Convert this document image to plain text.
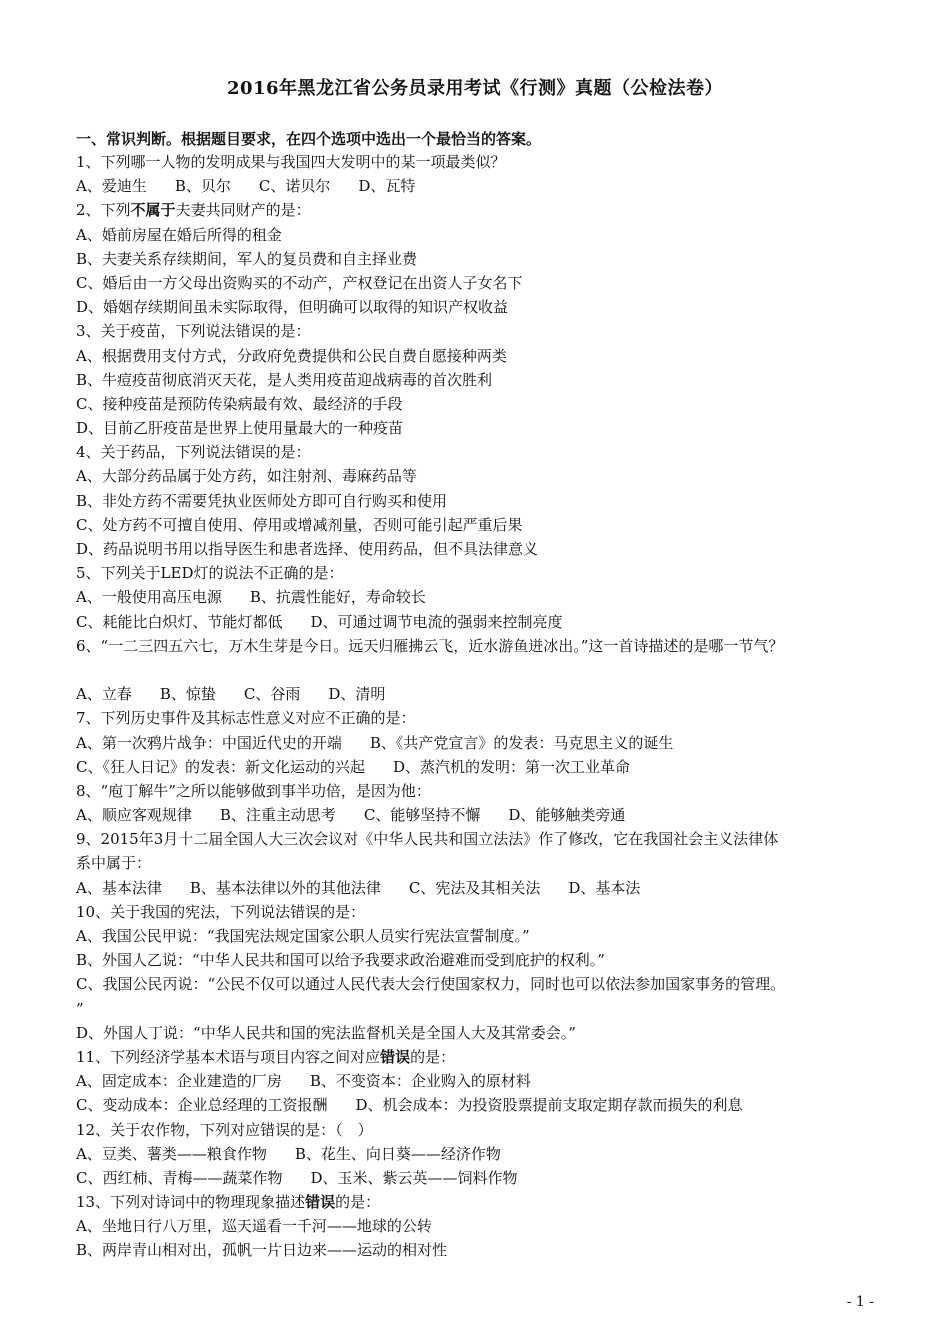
2016年黑龙江省公务员录用考试《行测》真题（公检法卷）
一、常识判断。根据题目要求，在四个选项中选出一个最恰当的答案。
1、下列哪一人物的发明成果与我国四大发明中的某一项最类似？
A、爱迪生 B、贝尔 C、诺贝尔 D、瓦特
2、下列不属于夫妻共同财产的是：
A、婚前房屋在婚后所得的租金
B、夫妻关系存续期间，军人的复员费和自主择业费
C、婚后由一方父母出资购买的不动产，产权登记在出资人子女名下
D、婚姻存续期间虽未实际取得，但明确可以取得的知识产权收益
3、关于疫苗，下列说法错误的是：
A、根据费用支付方式，分政府免费提供和公民自费自愿接种两类
B、牛痘疫苗彻底消灭天花，是人类用疫苗迎战病毒的首次胜利
C、接种疫苗是预防传染病最有效、最经济的手段
D、目前乙肝疫苗是世界上使用量最大的一种疫苗
4、关于药品，下列说法错误的是：
A、大部分药品属于处方药，如注射剂、毒麻药品等
B、非处方药不需要凭执业医师处方即可自行购买和使用
C、处方药不可擅自使用、停用或增减剂量，否则可能引起严重后果
D、药品说明书用以指导医生和患者选择、使用药品，但不具法律意义
5、下列关于LED灯的说法不正确的是：
A、一般使用高压电源 B、抗震性能好，寿命较长
C、耗能比白炽灯、节能灯都低 D、可通过调节电流的强弱来控制亮度
6、“一二三四五六七，万木生芽是今日。远天归雁拂云飞，近水游鱼迸冰出。”这一首诗描述的是哪一节气？
A、立春 B、惊蛰 C、谷雨 D、清明
7、下列历史事件及其标志性意义对应不正确的是：
A、第一次鸦片战争：中国近代史的开端 B、《共产党宣言》的发表：马克思主义的诞生
C、《狂人日记》的发表：新文化运动的兴起 D、蒸汽机的发明：第一次工业革命
8、“庖丁解牛”之所以能够做到事半功倍，是因为他：
A、顺应客观规律 B、注重主动思考 C、能够坚持不懈 D、能够触类旁通
9、2015年3月十二届全国人大三次会议对《中华人民共和国立法法》作了修改，它在我国社会主义法律体
系中属于：
A、基本法律 B、基本法律以外的其他法律 C、宪法及其相关法 D、基本法
10、关于我国的宪法，下列说法错误的是：
A、我国公民甲说：“我国宪法规定国家公职人员实行宪法宣誓制度。”
B、外国人乙说：“中华人民共和国可以给予我要求政治避难而受到庇护的权利。”
C、我国公民丙说：“公民不仅可以通过人民代表大会行使国家权力，同时也可以依法参加国家事务的管理。
”
D、外国人丁说：“中华人民共和国的宪法监督机关是全国人大及其常委会。”
11、下列经济学基本术语与项目内容之间对应错误的是：
A、固定成本：企业建造的厂房 B、不变资本：企业购入的原材料
C、变动成本：企业总经理的工资报酬 D、机会成本：为投资股票提前支取定期存款而损失的利息
12、关于农作物，下列对应错误的是：（　）
A、豆类、薯类——粮食作物 B、花生、向日葵——经济作物
C、西红柿、青梅——蔬菜作物 D、玉米、紫云英——饲料作物
13、下列对诗词中的物理现象描述错误的是：
A、坐地日行八万里，巡天遥看一千河——地球的公转
B、两岸青山相对出，孤帆一片日边来——运动的相对性
- 1 -
